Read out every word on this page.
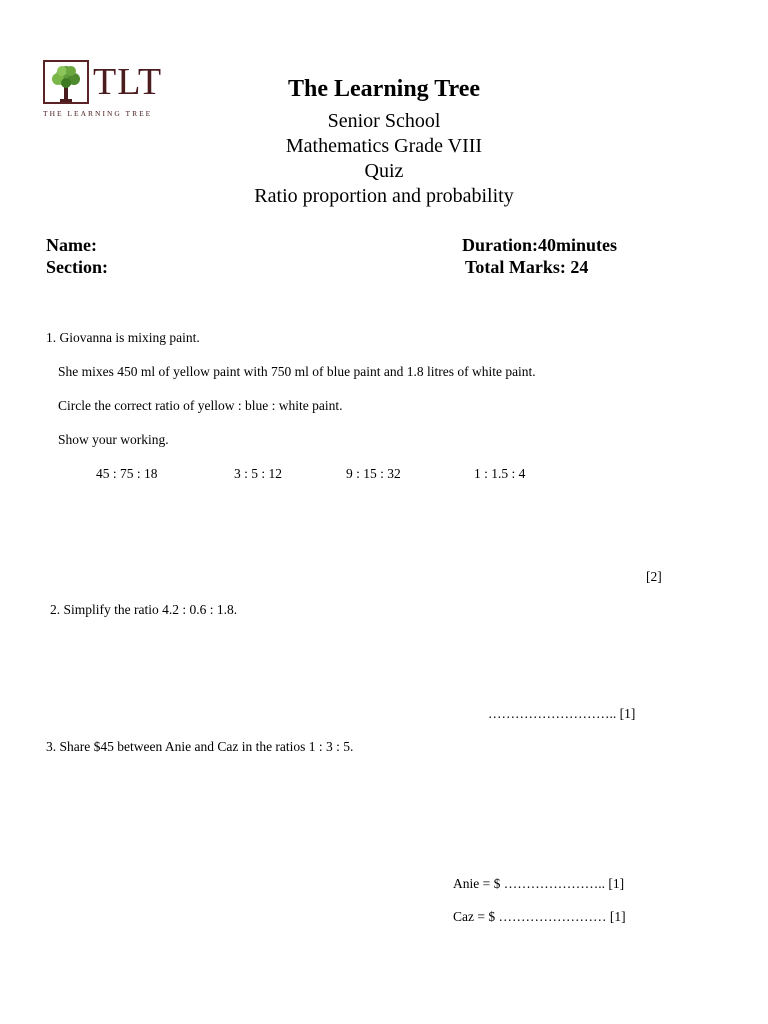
TLT
THE LEARNING TREE
The Learning Tree
Senior School
Mathematics Grade VIII
Quiz
Ratio proportion and probability
Name:
Section:
Duration:40minutes
Total Marks: 24
1. Giovanna is mixing paint.
She mixes 450 ml of yellow paint with 750 ml of blue paint and 1.8 litres of white paint.
Circle the correct ratio of yellow : blue : white paint.
Show your working.
45 : 75 : 18	3 : 5 : 12	9 : 15 : 32	1 : 1.5 : 4
[2]
2. Simplify the ratio 4.2 : 0.6 : 1.8.
……………………….. [1]
3. Share $45 between Anie and Caz in the ratios 1 : 3 : 5.
Anie = $ ………………….. [1]
Caz = $ …………………… [1]
